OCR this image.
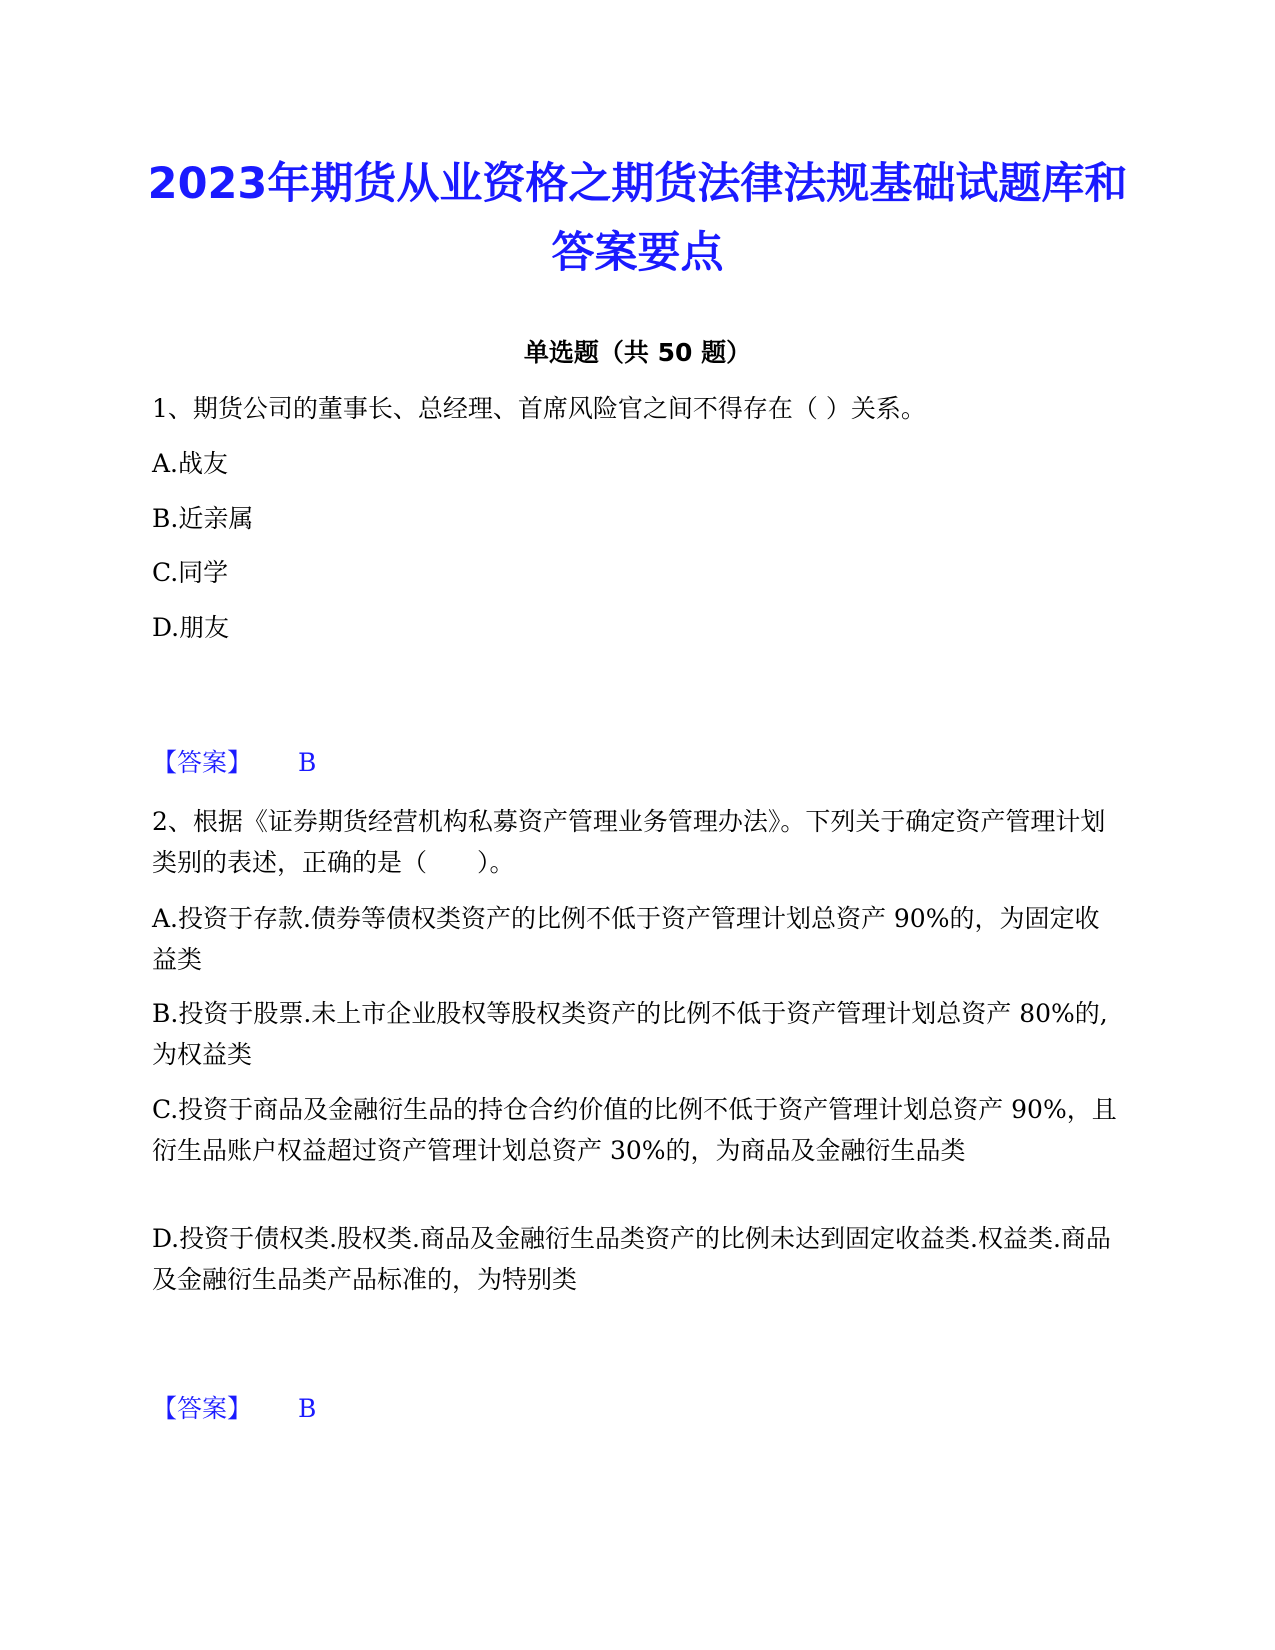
2023年期货从业资格之期货法律法规基础试题库和答案要点
单选题（共 50 题）
1、期货公司的董事长、总经理、首席风险官之间不得存在（ ）关系。
A.战友
B.近亲属
C.同学
D.朋友
【答案】 B
2、根据《证券期货经营机构私募资产管理业务管理办法》。下列关于确定资产管理计划类别的表述，正确的是（　　）。
A.投资于存款.债券等债权类资产的比例不低于资产管理计划总资产 90%的，为固定收益类
B.投资于股票.未上市企业股权等股权类资产的比例不低于资产管理计划总资产 80%的,为权益类
C.投资于商品及金融衍生品的持仓合约价值的比例不低于资产管理计划总资产 90%，且衍生品账户权益超过资产管理计划总资产 30%的，为商品及金融衍生品类
D.投资于债权类.股权类.商品及金融衍生品类资产的比例未达到固定收益类.权益类.商品及金融衍生品类产品标准的，为特别类
【答案】 B
